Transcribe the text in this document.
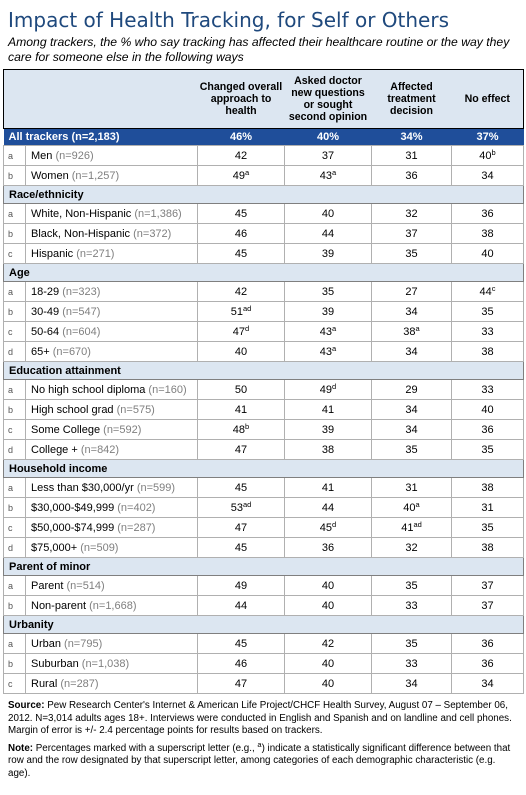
Impact of Health Tracking, for Self or Others
Among trackers, the % who say tracking has affected their healthcare routine or the way they care for someone else in the following ways
		Changed overall approach to health	Asked doctor new questions or sought second opinion	Affected treatment decision	No effect
All trackers (n=2,183)		46%	40%	34%	37%
a	Men (n=926)	42	37	31	40$^b$
b	Women (n=1,257)	49$^a$	43$^a$	36	34
Race/ethnicity					
a	White, Non-Hispanic (n=1,386)	45	40	32	36
b	Black, Non-Hispanic (n=372)	46	44	37	38
c	Hispanic (n=271)	45	39	35	40
Age					
a	18-29 (n=323)	42	35	27	44$^c$
b	30-49 (n=547)	$51^{ad}$	39	34	35
c	50-64 (n=604)	47$^d$	43$^a$	38$^a$	33
d	65+ (n=670)	40	43$^a$	34	38
Education attainment					
a	No high school diploma (n=160)	50	49$^d$	29	33
b	High school grad (n=575)	41	41	34	40
c	Some College (n=592)	48$^b$	39	34	36
d	College + (n=842)	47	38	35	35
Household income					
a	Less than $30,000/yr (n=599)	45	41	31	38
b	$30,000-$49,999 (n=402)	$53^{ad}$	44	40$^a$	31
c	$50,000-$74,999 (n=287)	47	45$^d$	$41^{ad}$	35
d	$75,000+ (n=509)	45	36	32	38
Parent of minor					
a	Parent (n=514)	49	40	35	37
b	Non-parent (n=1,668)	44	40	33	37
Urbanity					
a	Urban (n=795)	45	42	35	36
b	Suburban (n=1,038)	46	40	33	36
c	Rural (n=287)	47	40	34	34

Source: Pew Research Center's Internet & American Life Project/CHCF Health Survey, August 07 – September 06, 2012. N=3,014 adults ages 18+. Interviews were conducted in English and Spanish and on landline and cell phones. Margin of error is +/- 2.4 percentage points for results based on trackers.

Note: Percentages marked with a superscript letter (e.g., $^a$) indicate a statistically significant difference between that row and the row designated by that superscript letter, among categories of each demographic characteristic (e.g. age).
